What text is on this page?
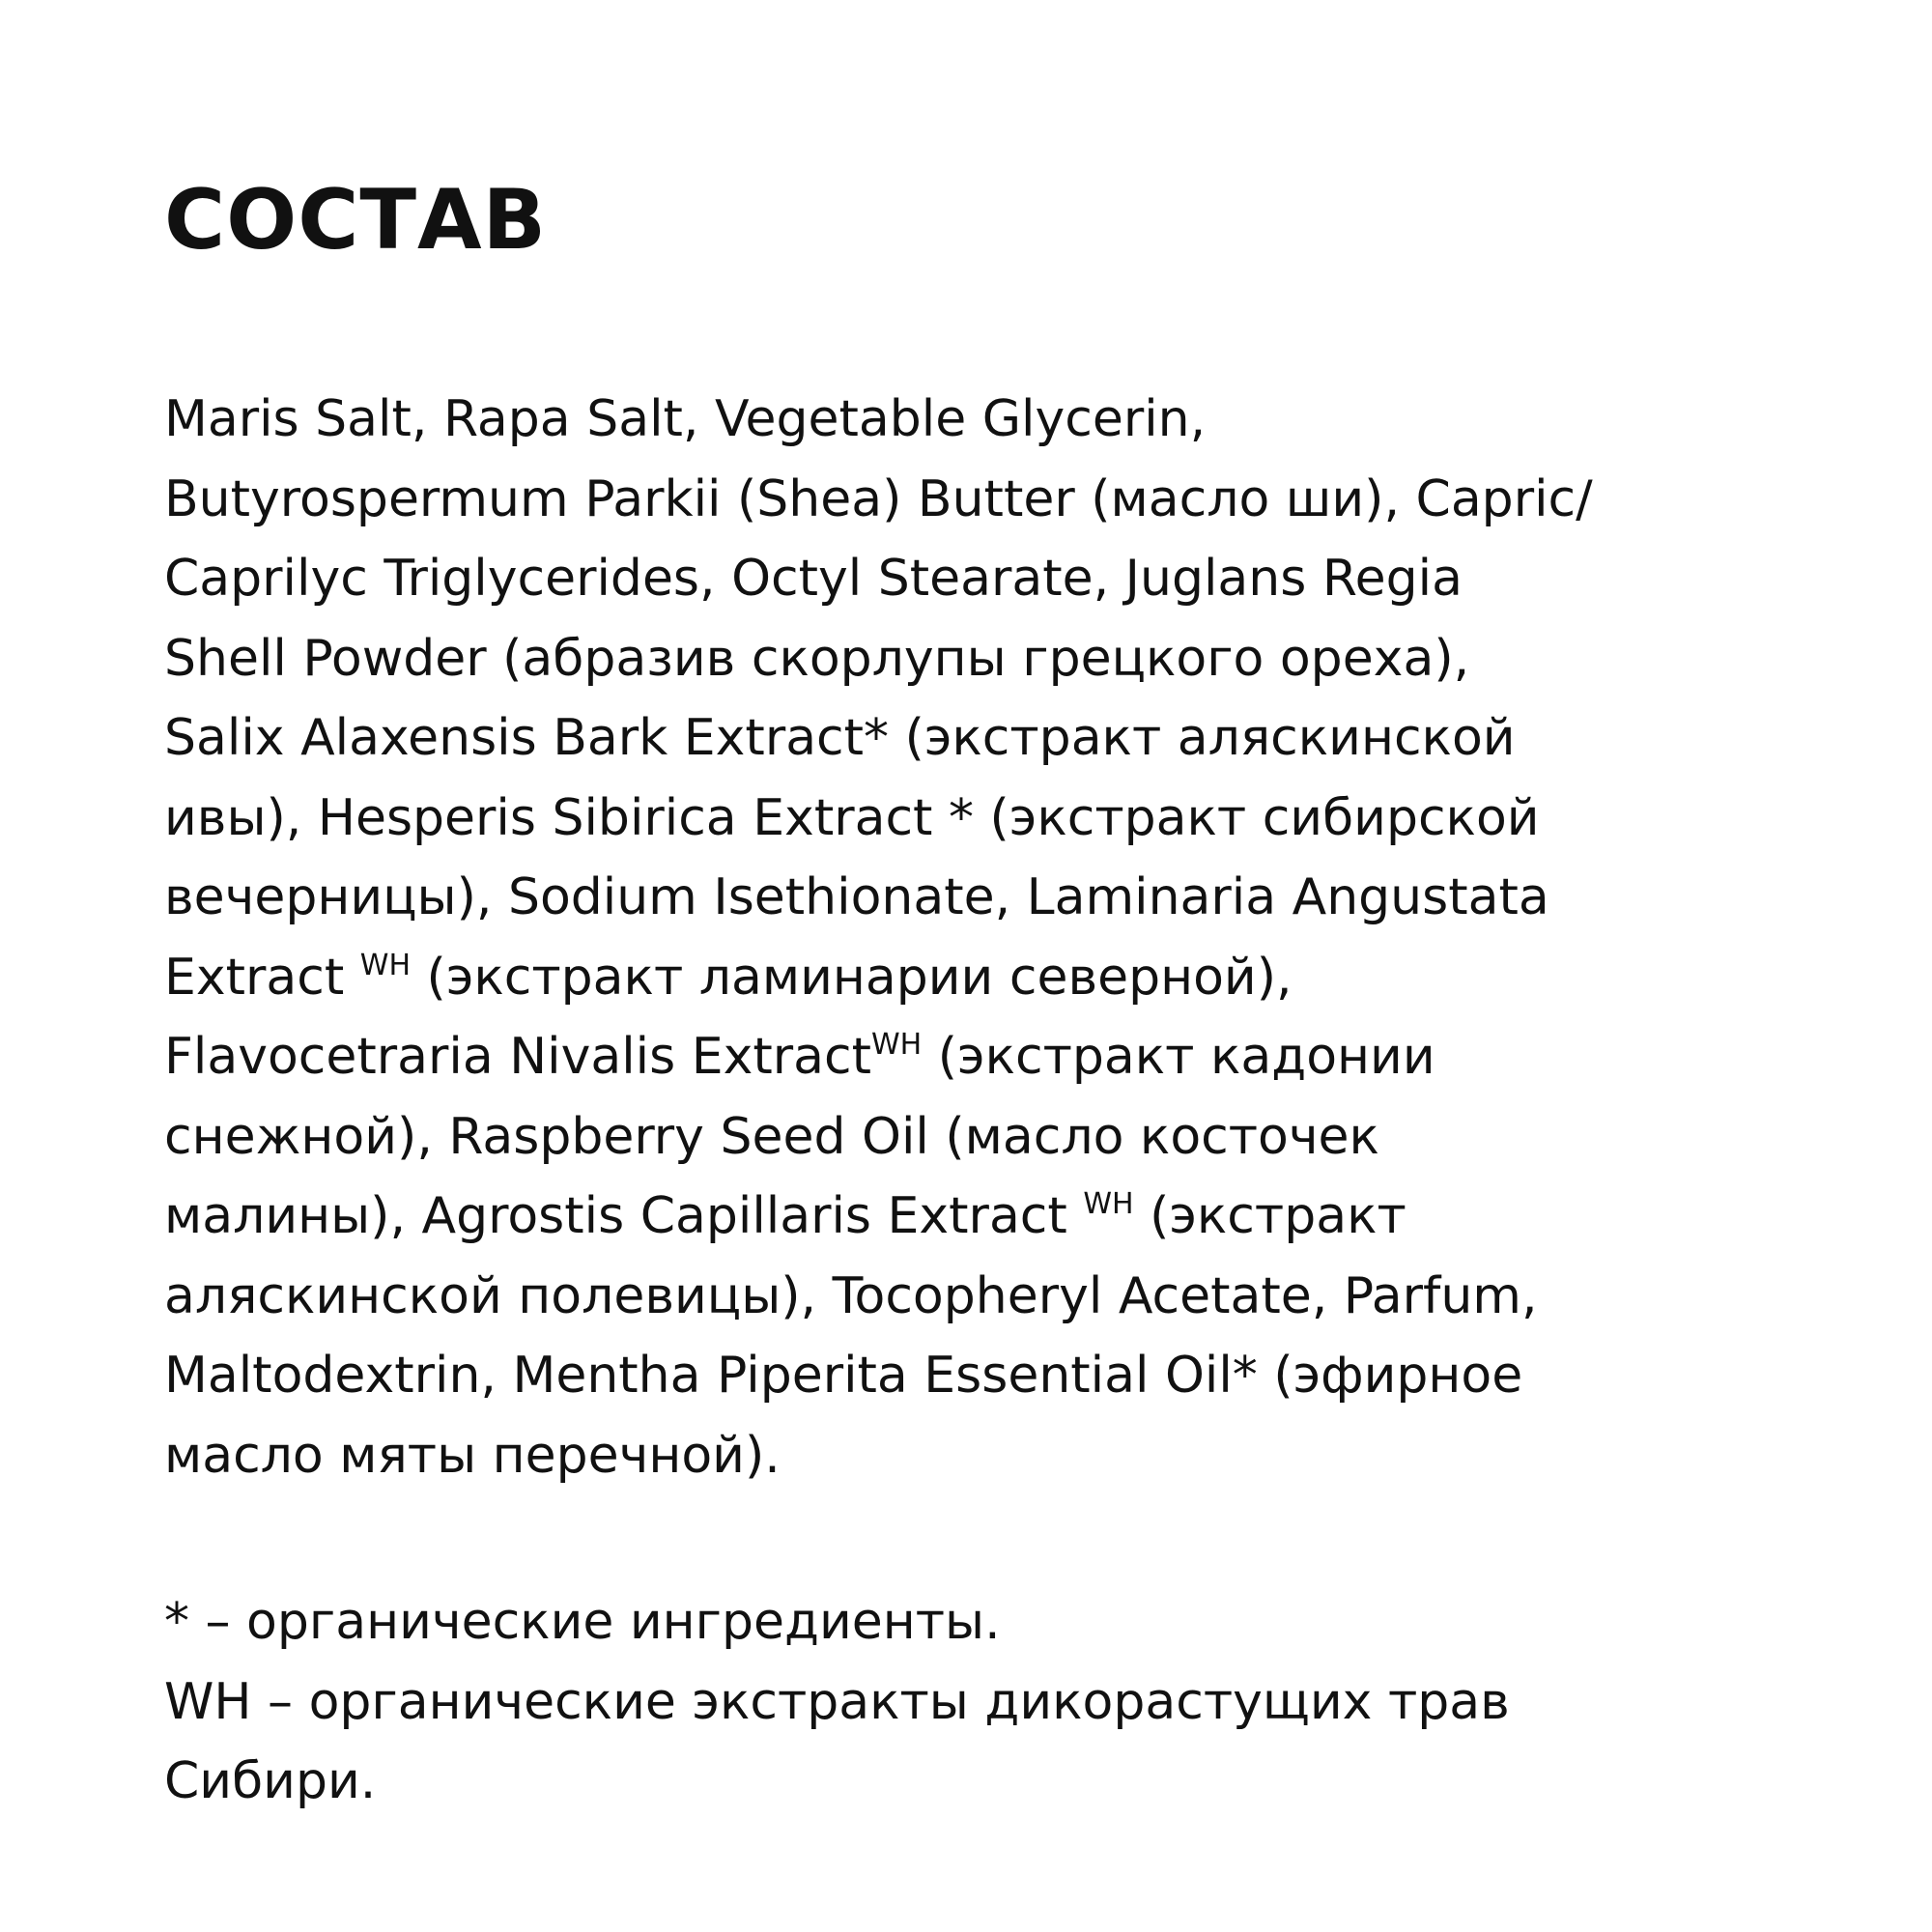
СОСТАВ
Maris Salt, Rapa Salt, Vegetable Glycerin,
Butyrospermum Parkii (Shea) Butter (масло ши), Capric/
Caprilyc Triglycerides, Octyl Stearate, Juglans Regia
Shell Powder (абразив скорлупы грецкого ореха),
Salix Alaxensis Bark Extract* (экстракт аляскинской
ивы), Hesperis Sibirica Extract * (экстракт сибирской
вечерницы), Sodium Isethionate, Laminaria Angustata
Extract $^{WH}$ (экстракт ламинарии северной),
Flavocetraria Nivalis Extract$^{WH}$ (экстракт кадонии
снежной), Raspberry Seed Oil (масло косточек
малины), Agrostis Capillaris Extract $^{WH}$ (экстракт
аляскинской полевицы), Tocopheryl Acetate, Parfum,
Maltodextrin, Mentha Piperita Essential Oil* (эфирное
масло мяты перечной).
* – органические ингредиенты.
WH – органические экстракты дикорастущих трав
Сибири.
